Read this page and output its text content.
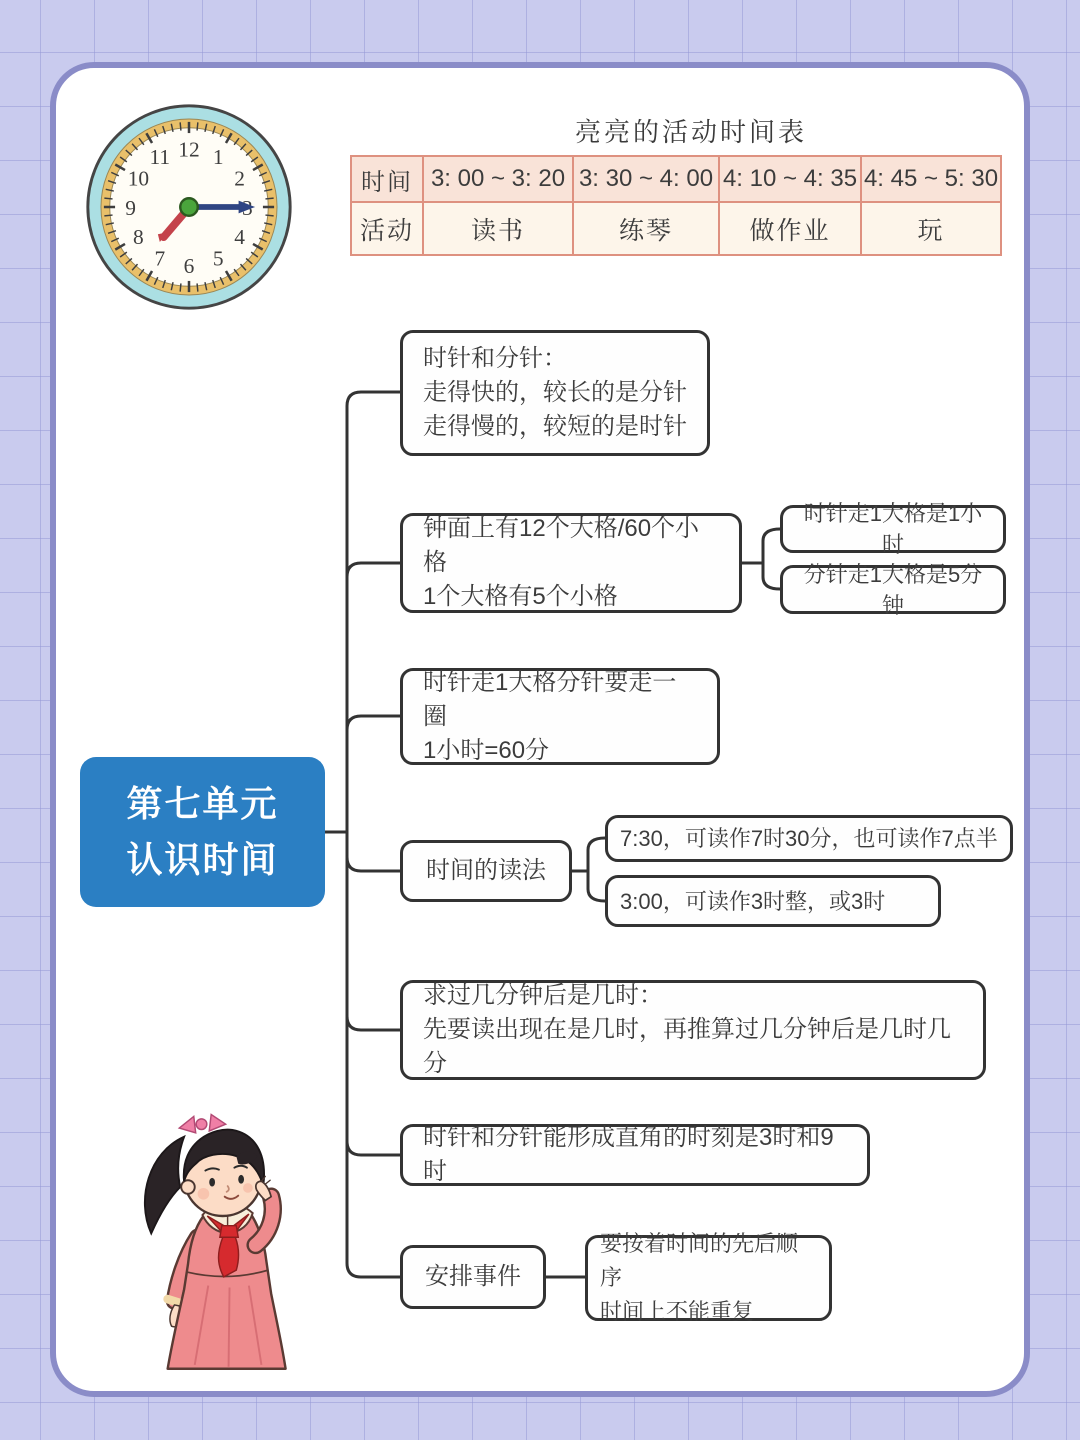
12 1
2
4
5
6
7
8
9
10
11
亮亮的活动时间表
时间	3: 00 ~ 3: 20	3: 30 ~ 4: 00	4: 10 ~ 4: 35	4: 45 ~ 5: 30
活动	读书	练琴	做作业	玩
第七单元
认识时间
时针和分针：
走得快的，较长的是分针
走得慢的，较短的是时针
钟面上有12个大格/60个小格
1个大格有5个小格
时针走1大格是1小时
分针走1大格是5分钟
时针走1大格分针要走一圈
1小时=60分
时间的读法
7:30，可读作7时30分，也可读作7点半
3:00，可读作3时整，或3时
求过几分钟后是几时：
先要读出现在是几时，再推算过几分钟后是几时几分
时针和分针能形成直角的时刻是3时和9时
安排事件
要按着时间的先后顺序
时间上不能重复
